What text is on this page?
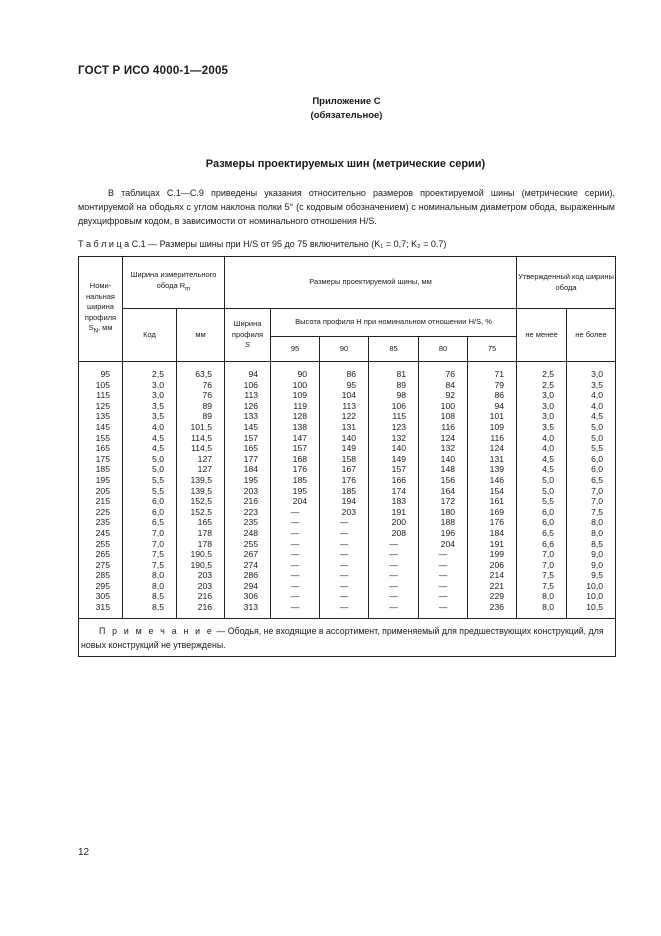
ГОСТ Р ИСО 4000-1—2005
Приложение С
(обязательное)
Размеры проектируемых шин (метрические серии)
В таблицах С.1—С.9 приведены указания относительно размеров проектируемой шины (метрические серии), монтируемой на ободьях с углом наклона полки 5° (с кодовым обозначением) с номинальным диаметром обода, выраженным двухцифровым кодом, в зависимости от номинального отношения H/S.
Т а б л и ц а С.1 — Размеры шины при H/S от 95 до 75 включительно (K₁ = 0,7; K₂ = 0.7)
Номи-нальная ширина профиля $S_N$, мм	Ширина измерительного обода $R_m$		Размеры проектируемой шины, мм						Утвержденный код ширины обода	
	Код	мм	Ширина профиля
S	Высота профиля H при номинальном отношении H/S, %					не менее	не более
				95	90	85	80	75		
95	2,5	63,5	94	90	86	81	76	71	2,5	3,0
105	3,0	76	106	100	95	89	84	79	2,5	3,5
115	3,0	76	113	109	104	98	92	86	3,0	4,0
125	3,5	89	126	119	113	106	100	94	3,0	4,0
135	3,5	89	133	128	122	115	108	101	3,0	4,5
145	4,0	101,5	145	138	131	123	116	109	3,5	5,0
155	4,5	114,5	157	147	140	132	124	116	4,0	5,0
165	4,5	114,5	165	157	149	140	132	124	4,0	5,5
175	5,0	127	177	168	158	149	140	131	4,5	6,0
185	5,0	127	184	176	167	157	148	139	4,5	6,0
195	5,5	139,5	195	185	176	166	156	146	5,0	6,5
205	5,5	139,5	203	195	185	174	164	154	5,0	7,0
215	6,0	152,5	216	204	194	183	172	161	5,5	7,0
225	6,0	152,5	223	—	203	191	180	169	6,0	7,5
235	6,5	165	235	—	—	200	188	176	6,0	8,0
245	7,0	178	248	—	—	208	196	184	6,5	8,0
255	7,0	178	255	—	—	—	204	191	6,6	8,5
265	7,5	190,5	267	—	—	—	—	199	7,0	9,0
275	7,5	190,5	274	—	—	—	—	206	7,0	9,0
285	8,0	203	286	—	—	—	—	214	7,5	9,5
295	8,0	203	294	—	—	—	—	221	7,5	10,0
305	8,5	216	306	—	—	—	—	229	8,0	10,0
315	8,5	216	313	—	—	—	—	236	8,0	10,5
П р и м е ч а н и е — Ободья, не входящие в ассортимент, применяемый для предшествующих конструкций, для новых конструкций не утверждены.										
12
